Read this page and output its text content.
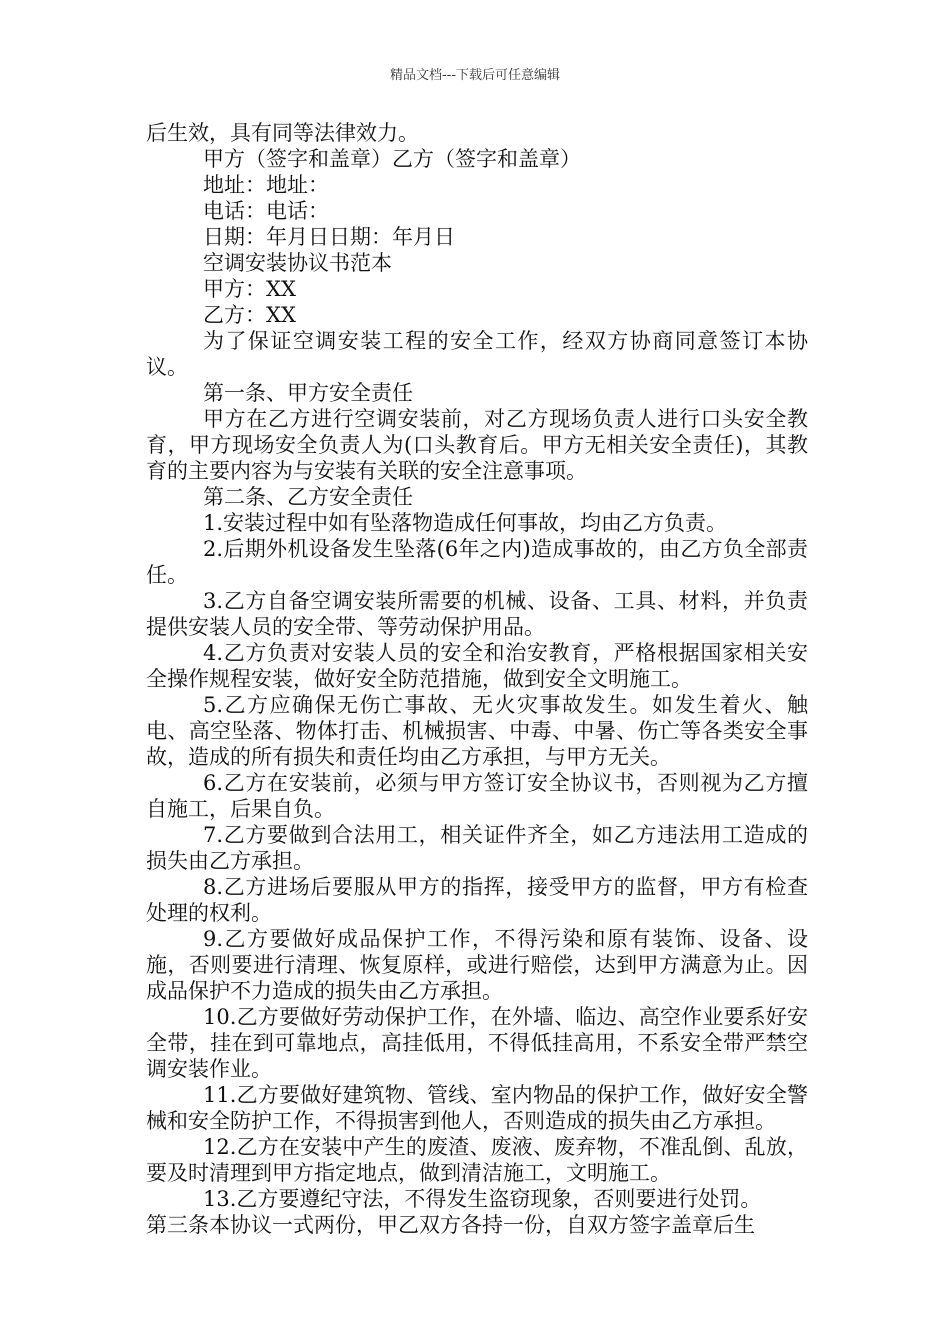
精品文档---下载后可任意编辑

后生效，具有同等法律效力。

甲方（签字和盖章）乙方（签字和盖章）

地址：地址：

电话：电话：

日期：年月日日期：年月日

空调安装协议书范本

甲方：XX

乙方：XX

为了保证空调安装工程的安全工作，经双方协商同意签订本协议。

第一条、甲方安全责任

甲方在乙方进行空调安装前，对乙方现场负责人进行口头安全教育，甲方现场安全负责人为(口头教育后。甲方无相关安全责任)，其教育的主要内容为与安装有关联的安全注意事项。

第二条、乙方安全责任

1.安装过程中如有坠落物造成任何事故，均由乙方负责。

2.后期外机设备发生坠落(6年之内)造成事故的，由乙方负全部责任。

3.乙方自备空调安装所需要的机械、设备、工具、材料，并负责提供安装人员的安全带、等劳动保护用品。

4.乙方负责对安装人员的安全和治安教育，严格根据国家相关安全操作规程安装，做好安全防范措施，做到安全文明施工。

5.乙方应确保无伤亡事故、无火灾事故发生。如发生着火、触电、高空坠落、物体打击、机械损害、中毒、中暑、伤亡等各类安全事故，造成的所有损失和责任均由乙方承担，与甲方无关。

6.乙方在安装前，必须与甲方签订安全协议书，否则视为乙方擅自施工，后果自负。

7.乙方要做到合法用工，相关证件齐全，如乙方违法用工造成的损失由乙方承担。

8.乙方进场后要服从甲方的指挥，接受甲方的监督，甲方有检查处理的权利。

9.乙方要做好成品保护工作，不得污染和原有装饰、设备、设施，否则要进行清理、恢复原样，或进行赔偿，达到甲方满意为止。因成品保护不力造成的损失由乙方承担。

10.乙方要做好劳动保护工作，在外墙、临边、高空作业要系好安全带，挂在到可靠地点，高挂低用，不得低挂高用，不系安全带严禁空调安装作业。

11.乙方要做好建筑物、管线、室内物品的保护工作，做好安全警械和安全防护工作，不得损害到他人，否则造成的损失由乙方承担。

12.乙方在安装中产生的废渣、废液、废弃物，不准乱倒、乱放，要及时清理到甲方指定地点，做到清洁施工，文明施工。

13.乙方要遵纪守法，不得发生盗窃现象，否则要进行处罚。

第三条本协议一式两份，甲乙双方各持一份，自双方签字盖章后生
